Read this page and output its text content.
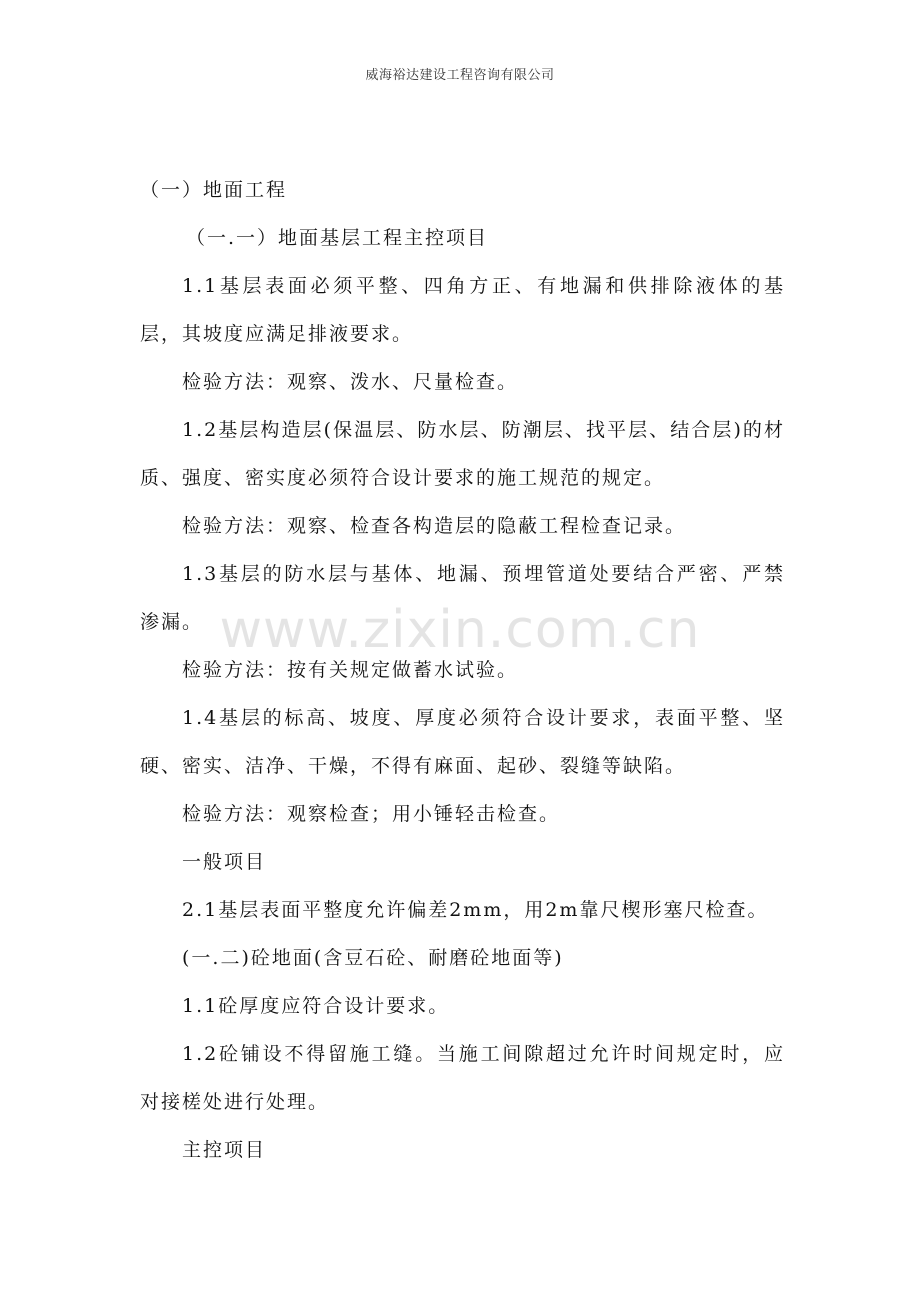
威海裕达建设工程咨询有限公司
www.zixin.com.cn

（一）地面工程

（一.一）地面基层工程主控项目

1.1基层表面必须平整、四角方正、有地漏和供排除液体的基层，其坡度应满足排液要求。

检验方法：观察、泼水、尺量检查。

1.2基层构造层(保温层、防水层、防潮层、找平层、结合层)的材质、强度、密实度必须符合设计要求的施工规范的规定。

检验方法：观察、检查各构造层的隐蔽工程检查记录。

1.3基层的防水层与基体、地漏、预埋管道处要结合严密、严禁渗漏。

检验方法：按有关规定做蓄水试验。

1.4基层的标高、坡度、厚度必须符合设计要求，表面平整、坚硬、密实、洁净、干燥，不得有麻面、起砂、裂缝等缺陷。

检验方法：观察检查；用小锤轻击检查。

一般项目

2.1基层表面平整度允许偏差2mm，用2m靠尺楔形塞尺检查。

(一.二)砼地面(含豆石砼、耐磨砼地面等)

1.1砼厚度应符合设计要求。

1.2砼铺设不得留施工缝。当施工间隙超过允许时间规定时，应对接槎处进行处理。

主控项目
